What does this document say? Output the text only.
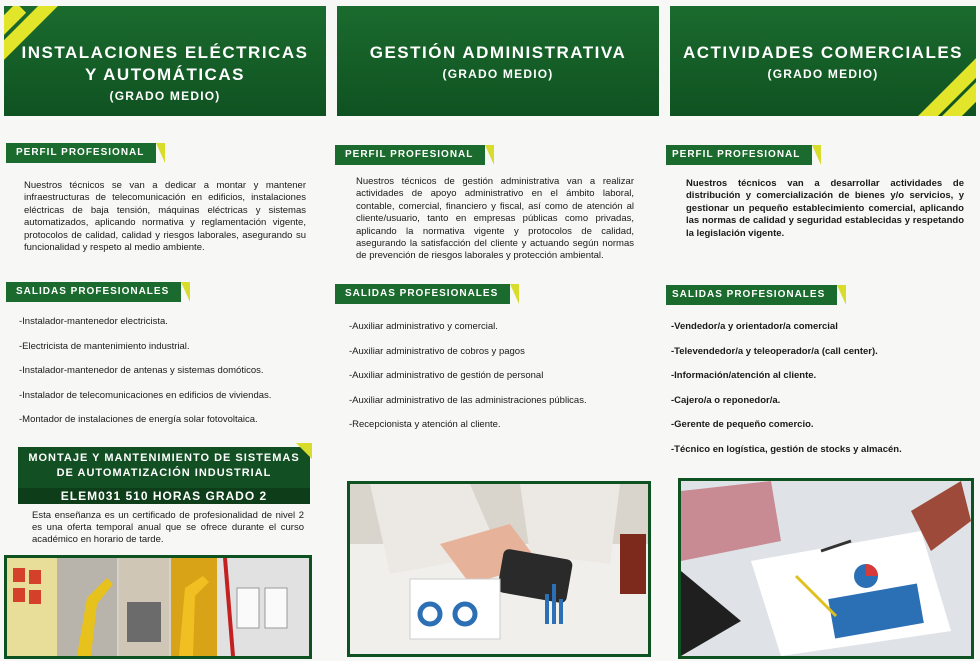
INSTALACIONES ELÉCTRICAS
Y AUTOMÁTICAS
(GRADO MEDIO)
PERFIL PROFESIONAL
Nuestros técnicos se van a dedicar a montar y mantener infraestructuras de telecomunicación en edificios, instalaciones eléctricas de baja tensión, máquinas eléctricas y sistemas automatizados, aplicando normativa y reglamentación vigente, protocolos de calidad, calidad y riesgos laborales, asegurando su funcionalidad y respeto al medio ambiente.
SALIDAS PROFESIONALES
-Instalador-mantenedor electricista.
-Electricista de mantenimiento industrial.
-Instalador-mantenedor de antenas y sistemas domóticos.
-Instalador de telecomunicaciones en edificios de viviendas.
-Montador de instalaciones de energía solar fotovoltaica.
MONTAJE Y MANTENIMIENTO DE SISTEMAS
DE AUTOMATIZACIÓN INDUSTRIAL
ELEM031 510 HORAS GRADO 2
Esta enseñanza es un certificado de profesionalidad de nivel 2 es una oferta temporal anual que se ofrece durante el curso académico en horario de tarde.
GESTIÓN ADMINISTRATIVA
(GRADO MEDIO)
PERFIL PROFESIONAL
Nuestros técnicos de gestión administrativa van a realizar actividades de apoyo administrativo en el ámbito laboral, contable, comercial, financiero y fiscal, así como de atención al cliente/usuario, tanto en empresas públicas como privadas, aplicando la normativa vigente y protocolos de calidad, asegurando la satisfacción del cliente y actuando según normas de prevención de riesgos laborales y protección ambiental.
SALIDAS PROFESIONALES
-Auxiliar administrativo y comercial.
-Auxiliar administrativo de cobros y pagos
-Auxiliar administrativo de gestión de personal
-Auxiliar administrativo de las administraciones públicas.
-Recepcionista y atención al cliente.
ACTIVIDADES COMERCIALES
(GRADO MEDIO)
PERFIL PROFESIONAL
Nuestros técnicos van a desarrollar actividades de distribución y comercialización de bienes y/o servicios, y gestionar un pequeño establecimiento comercial, aplicando las normas de calidad y seguridad establecidas y respetando la legislación vigente.
SALIDAS PROFESIONALES
-Vendedor/a y orientador/a comercial
-Televendedor/a y teleoperador/a (call center).
-Información/atención al cliente.
-Cajero/a o reponedor/a.
-Gerente de pequeño comercio.
-Técnico en logística, gestión de stocks y almacén.
